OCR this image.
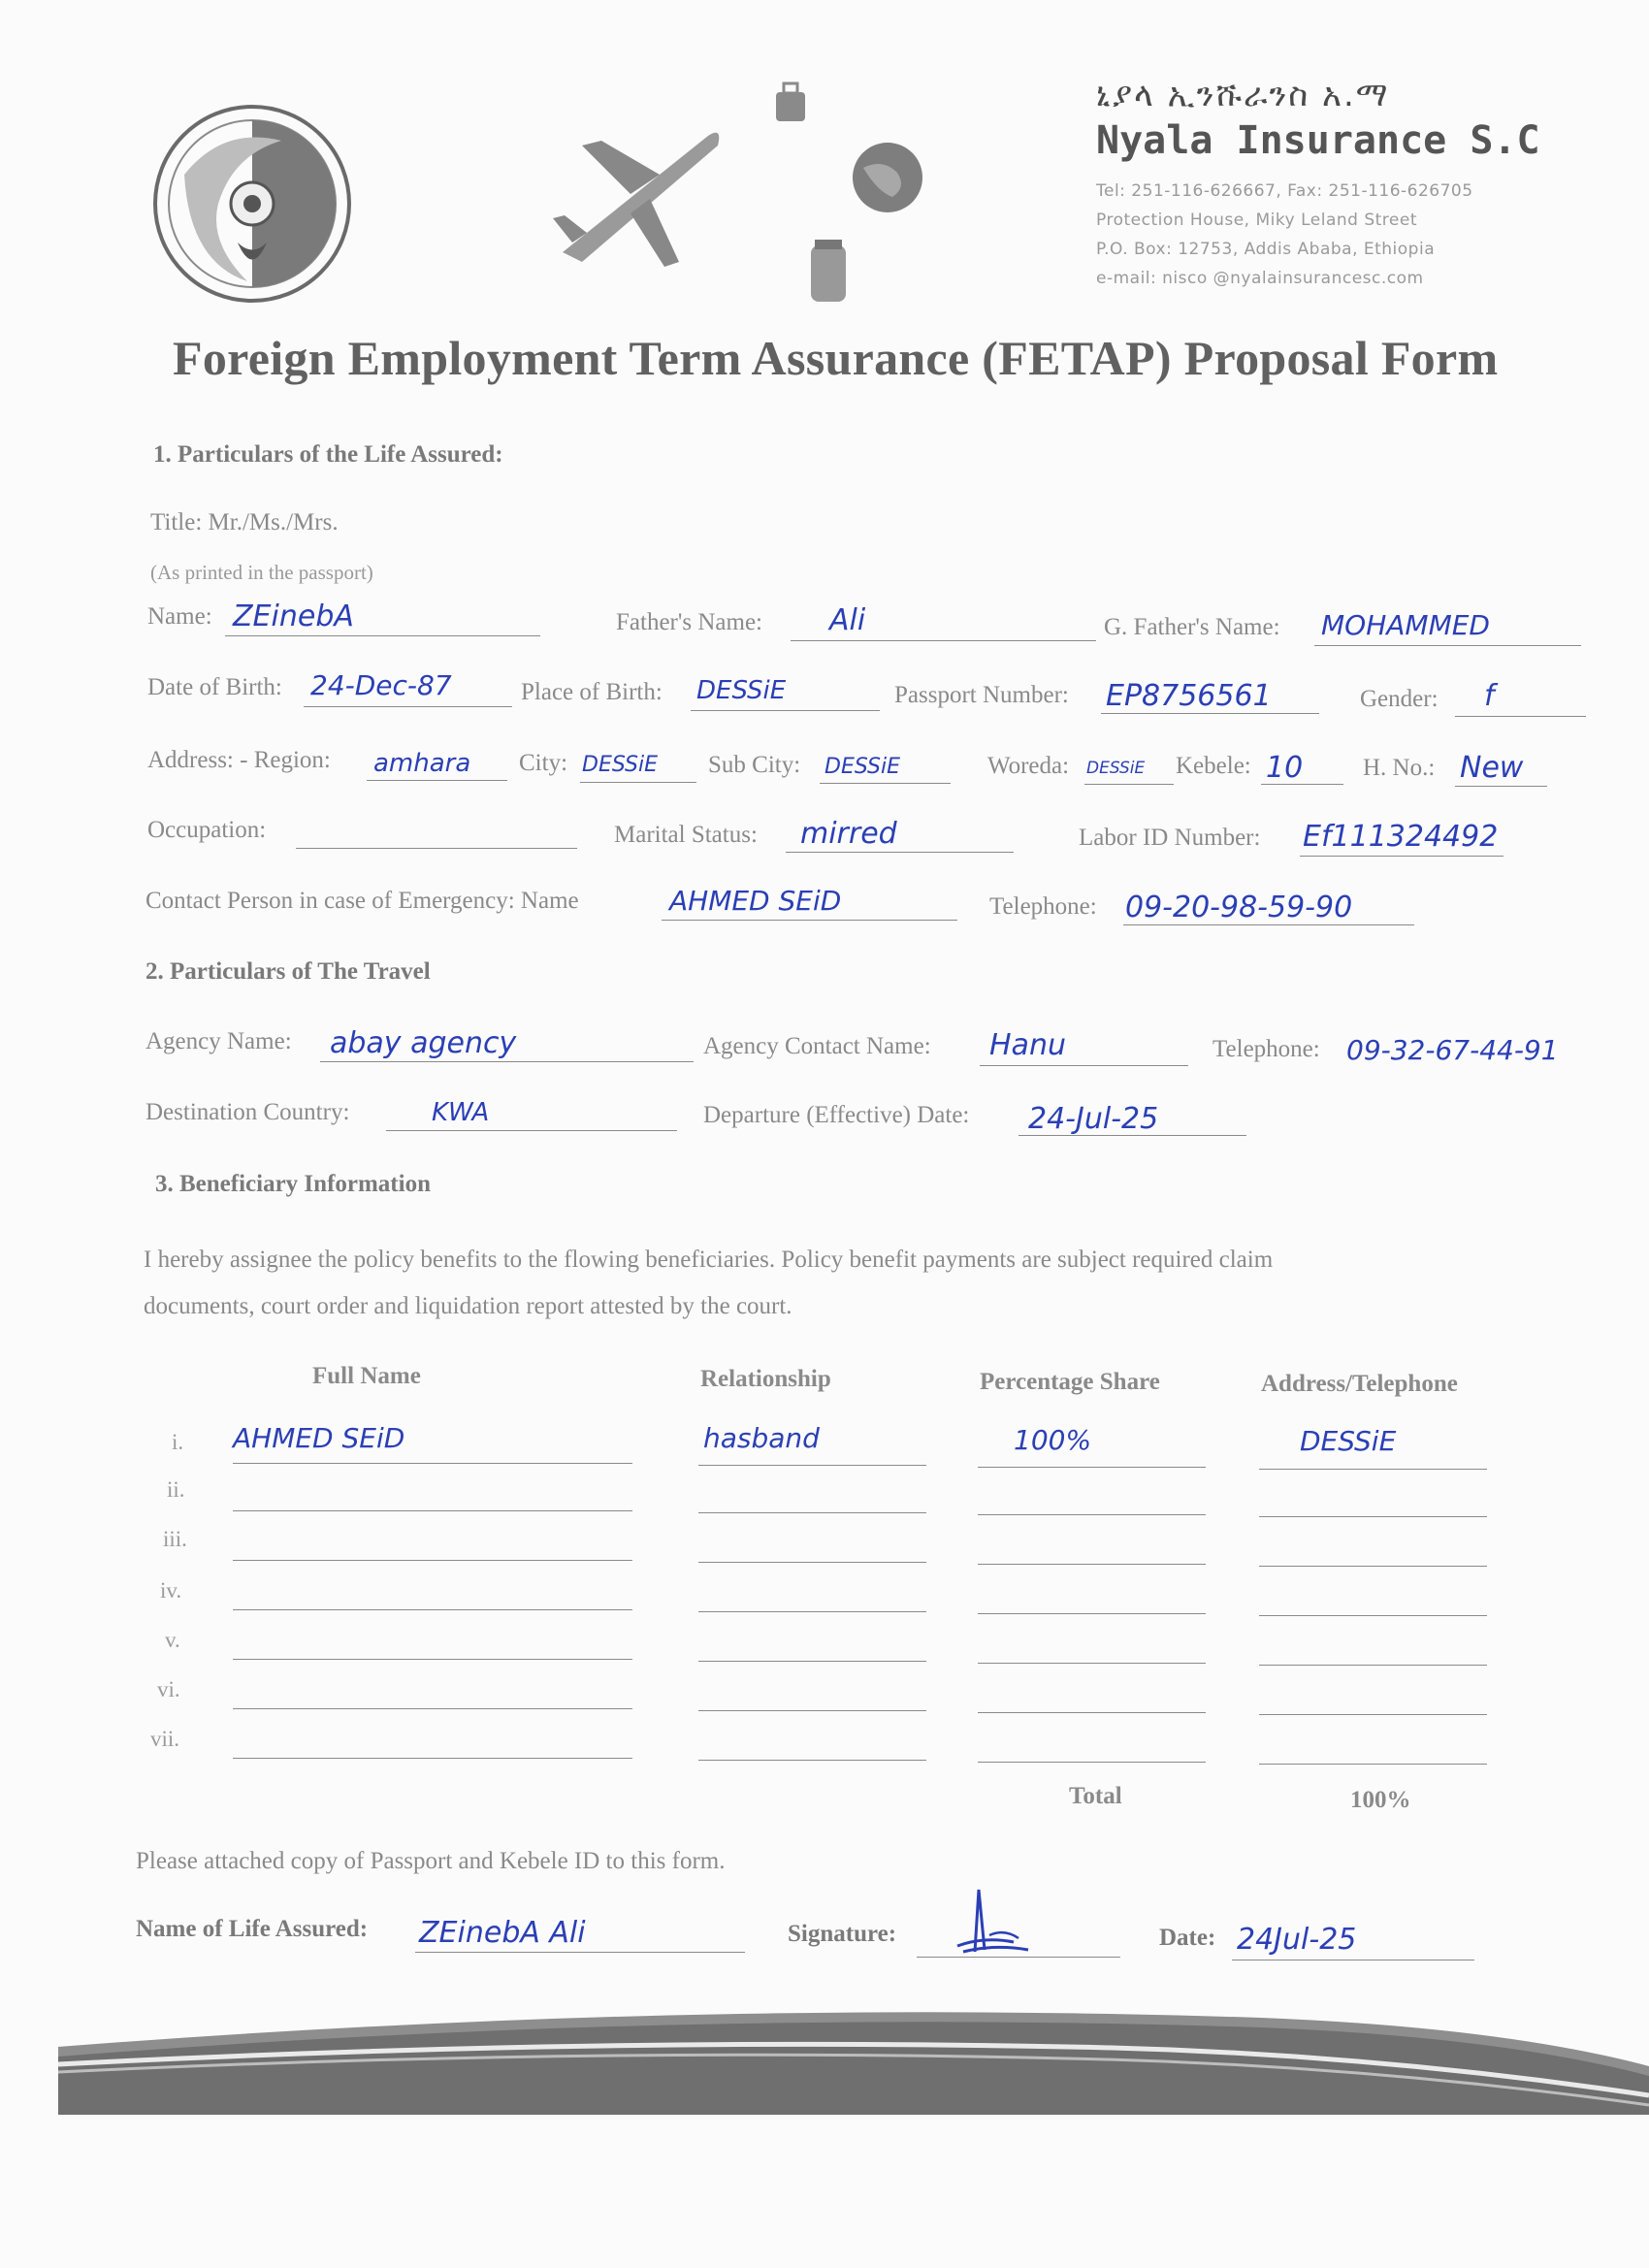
ኒያላ ኢንሹራንስ አ.ማ
Nyala Insurance S.C
Tel: 251-116-626667, Fax: 251-116-626705
Protection House, Miky Leland Street
P.O. Box: 12753, Addis Ababa, Ethiopia
e-mail: nisco @nyalainsurancesc.com
Foreign Employment Term Assurance (FETAP) Proposal Form
1. Particulars of the Life Assured:
Title: Mr./Ms./Mrs.
(As printed in the passport)
Name: ZEinebA	Father's Name: Ali	G. Father's Name: MOHAMMED
Date of Birth: 24-Dec-87	Place of Birth: DESSiE	Passport Number: EP8756561	Gender: f
Address: - Region: amhara City: DESSiE Sub City: DESSiE	Woreda: DESSiE Kebele: 10 H. No.: New
Occupation:	Marital Status: mirred	Labor ID Number: Ef111324492
Contact Person in case of Emergency: Name	AHMED SEiD	Telephone: 09-20-98-59-90
2. Particulars of The Travel
Agency Name: abay agency	Agency Contact Name: Hanu	Telephone: 09-32-67-44-91
Destination Country:	KWA	Departure (Effective) Date: 24-Jul-25
3. Beneficiary Information
I hereby assignee the policy benefits to the flowing beneficiaries. Policy benefit payments are subject required claim
documents, court order and liquidation report attested by the court.
Full Name	Relationship	Percentage Share	Address/Telephone
i. AHMED SEiD	hasband	100%	DESSiE
ii.
iii.
iv.
v.
vi.
vii.
Total	100%
Please attached copy of Passport and Kebele ID to this form.
Name of Life Assured: ZEinebA Ali	Signature:	Date: 24Jul-25
